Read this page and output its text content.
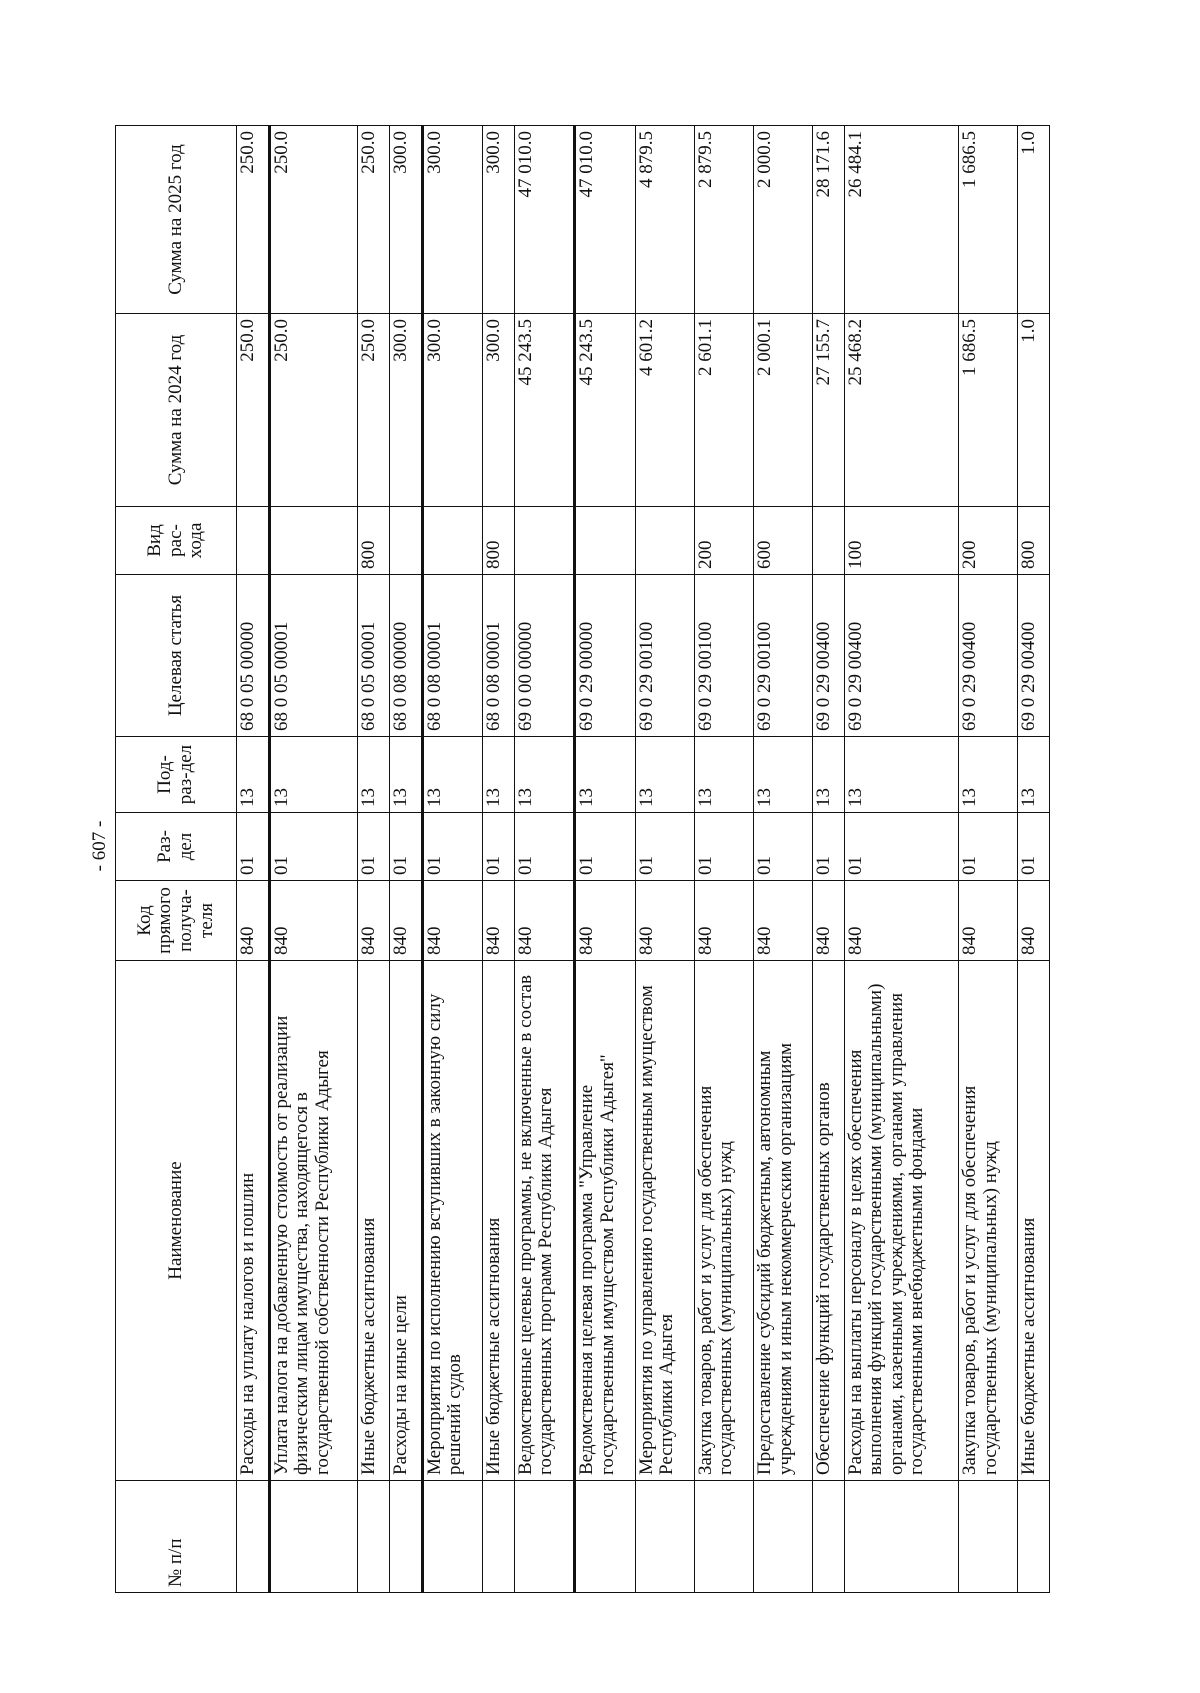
- 607 -
№ п/п	Наименование	Код прямого получа-теля	Раз-дел	Под-раз-дел	Целевая статья	Вид рас-хода	Сумма на 2024 год	Сумма на 2025 год
	Расходы на уплату налогов и пошлин	840	01	13	68 0 05 00000		250.0	250.0
	Уплата налога на добавленную стоимость от реализации физическим лицам имущества, находящегося в государственной собственности Республики Адыгея	840	01	13	68 0 05 00001		250.0	250.0
	Иные бюджетные ассигнования	840	01	13	68 0 05 00001	800	250.0	250.0
	Расходы на иные цели	840	01	13	68 0 08 00000		300.0	300.0
	Мероприятия по исполнению вступивших в законную силу решений судов	840	01	13	68 0 08 00001		300.0	300.0
	Иные бюджетные ассигнования	840	01	13	68 0 08 00001	800	300.0	300.0
	Ведомственные целевые программы, не включенные в состав государственных программ Республики Адыгея	840	01	13	69 0 00 00000		45 243.5	47 010.0
	Ведомственная целевая программа "Управление государственным имуществом Республики Адыгея"	840	01	13	69 0 29 00000		45 243.5	47 010.0
	Мероприятия по управлению государственным имуществом Республики Адыгея	840	01	13	69 0 29 00100		4 601.2	4 879.5
	Закупка товаров, работ и услуг для обеспечения государственных (муниципальных) нужд	840	01	13	69 0 29 00100	200	2 601.1	2 879.5
	Предоставление субсидий бюджетным, автономным учреждениям и иным некоммерческим организациям	840	01	13	69 0 29 00100	600	2 000.1	2 000.0
	Обеспечение функций государственных органов	840	01	13	69 0 29 00400		27 155.7	28 171.6
	Расходы на выплаты персоналу в целях обеспечения выполнения функций государственными (муниципальными) органами, казенными учреждениями, органами управления государственными внебюджетными фондами	840	01	13	69 0 29 00400	100	25 468.2	26 484.1
	Закупка товаров, работ и услуг для обеспечения государственных (муниципальных) нужд	840	01	13	69 0 29 00400	200	1 686.5	1 686.5
	Иные бюджетные ассигнования	840	01	13	69 0 29 00400	800	1.0	1.0
